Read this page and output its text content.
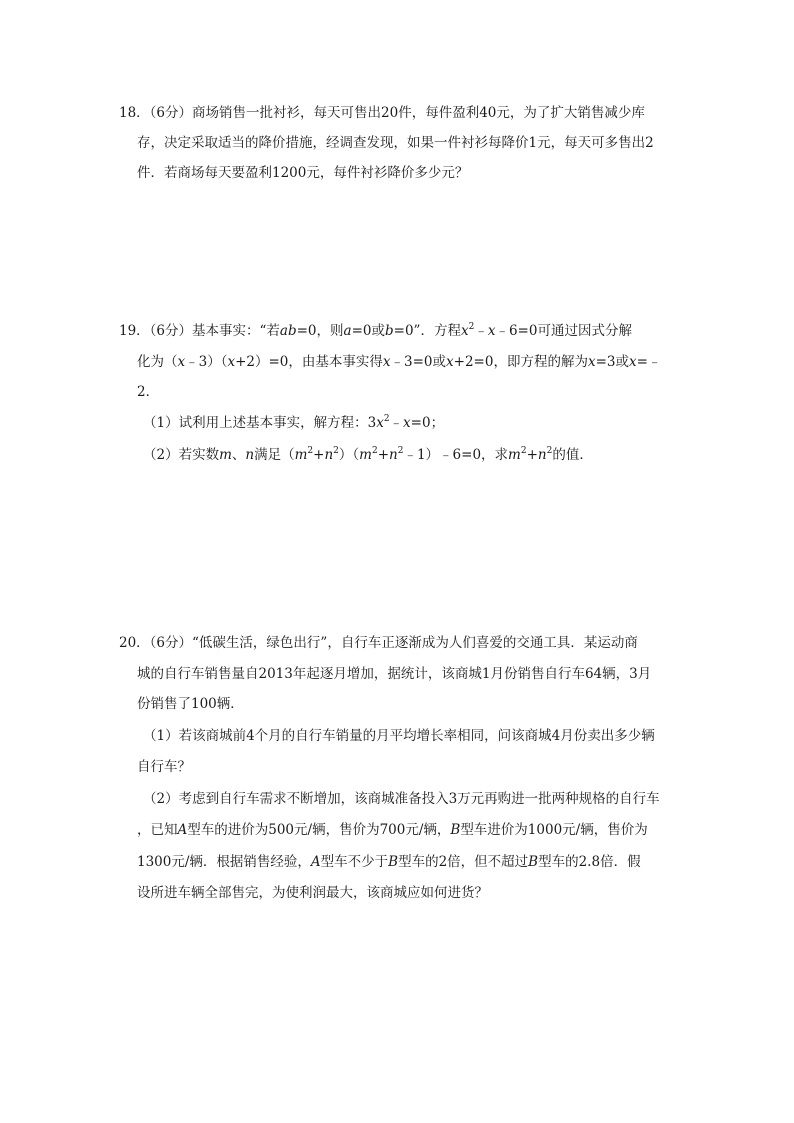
18．（6分）商场销售一批衬衫，每天可售出20件，每件盈利40元，为了扩大销售减少库
存，决定采取适当的降价措施，经调查发现，如果一件衬衫每降价1元，每天可多售出2
件．若商场每天要盈利1200元，每件衬衫降价多少元？
19．（6分）基本事实：“若ab=0，则a=0或b=0”．方程$x^2﹣x﹣6=0$可通过因式分解
化为（x﹣3）（x+2）=0，由基本事实得x﹣3=0或x+2=0，即方程的解为x=3或x=﹣
2．
（1）试利用上述基本事实，解方程：$3x^2﹣x=0$；
（2）若实数m、n满足$(m^2+n^2)(m^2+n^2﹣1)﹣6=0$，求$m^2+n^2$的值．
20．（6分）“低碳生活，绿色出行”，自行车正逐渐成为人们喜爱的交通工具．某运动商
城的自行车销售量自2013年起逐月增加，据统计，该商城1月份销售自行车64辆，3月
份销售了100辆．
（1）若该商城前4个月的自行车销量的月平均增长率相同，问该商城4月份卖出多少辆
自行车？
（2）考虑到自行车需求不断增加，该商城准备投入3万元再购进一批两种规格的自行车
，已知A型车的进价为500元/辆，售价为700元/辆，B型车进价为1000元/辆，售价为
1300元/辆．根据销售经验，A型车不少于B型车的2倍，但不超过B型车的2.8倍．假
设所进车辆全部售完，为使利润最大，该商城应如何进货？
